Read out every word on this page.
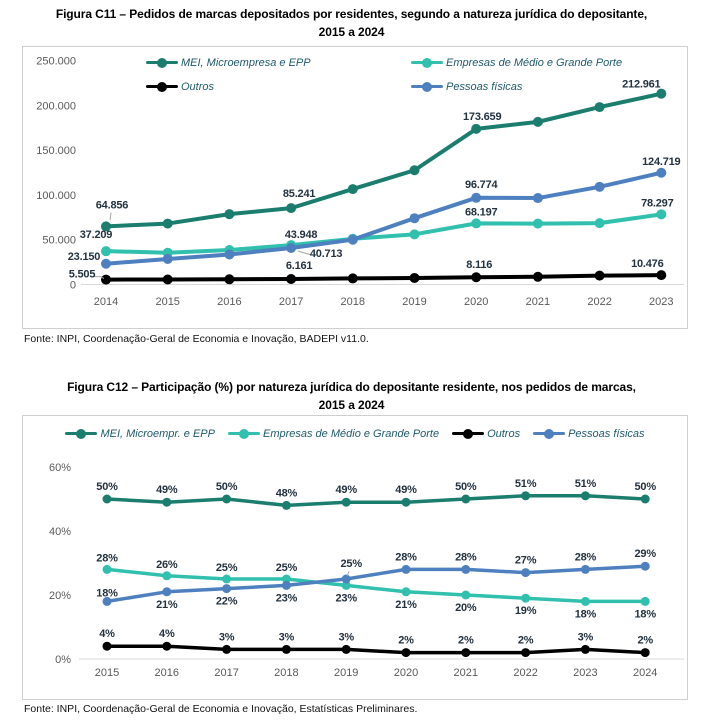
Figura C11 – Pedidos de marcas depositados por residentes, segundo a natureza jurídica do depositante,
2015 a 2024
MEI, Microempresa e EPP	Empresas de Médio e Grande Porte
Outros	Pessoas físicas
0
50.000
100.000
150.000
200.000
250.000
2014	2015	2016	2017	2018	2019	2020	2021	2022	2023
64.856
85.241
173.659
212.961
37.209	43.948
68.197
78.297
5.505
6.161	8.116	10.476
23.150	40.713
96.774
124.719
Fonte: INPI, Coordenação-Geral de Economia e Inovação, BADEPI v11.0.
Figura C12 – Participação (%) por natureza jurídica do depositante residente, nos pedidos de marcas,
2015 a 2024
MEI, Microempr. e EPP	Empresas de Médio e Grande Porte	Outros	Pessoas físicas
0%
20%
40%
60%
2015	2016	2017	2018	2019	2020	2021	2022	2023	2024
50%	49%	50%
48%	49%	49%	50%	51%	51%	50%
28%
26%	25%	25%
23%
21%	20%	19%	18%	18%
4%	4%	3%	3%	3%	2%	2%	2%	3%	2%
18%
21%	22%	23%
25%
28%	28%	27%	28%	29%
Fonte: INPI, Coordenação-Geral de Economia e Inovação, Estatísticas Preliminares.
